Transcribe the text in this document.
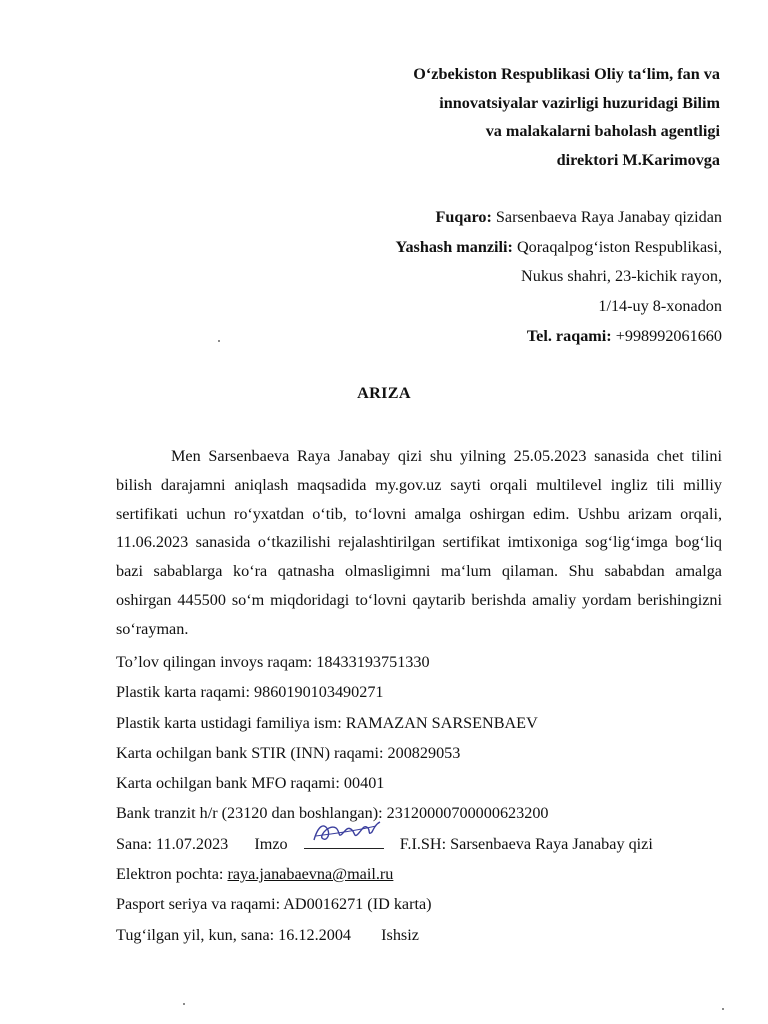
O‘zbekiston Respublikasi Oliy ta‘lim, fan va
innovatsiyalar vazirligi huzuridagi Bilim
va malakalarni baholash agentligi
direktori M.Karimovga
Fuqaro: Sarsenbaeva Raya Janabay qizidan
Yashash manzili: Qoraqalpog‘iston Respublikasi,
Nukus shahri, 23-kichik rayon,
1/14-uy 8-xonadon
Tel. raqami: +998992061660
ARIZA
Men Sarsenbaeva Raya Janabay qizi shu yilning 25.05.2023 sanasida chet tilini bilish darajamni aniqlash maqsadida my.gov.uz sayti orqali multilevel ingliz tili milliy sertifikati uchun ro‘yxatdan o‘tib, to‘lovni amalga oshirgan edim. Ushbu arizam orqali, 11.06.2023 sanasida o‘tkazilishi rejalashtirilgan sertifikat imtixoniga sog‘lig‘imga bog‘liq bazi sabablarga ko‘ra qatnasha olmasligimni ma‘lum qilaman. Shu sababdan amalga oshirgan 445500 so‘m miqdoridagi to‘lovni qaytarib berishda amaliy yordam berishingizni so‘rayman.
To’lov qilingan invoys raqam: 18433193751330
Plastik karta raqami: 9860190103490271
Plastik karta ustidagi familiya ism: RAMAZAN SARSENBAEV
Karta ochilgan bank STIR (INN) raqami: 200829053
Karta ochilgan bank MFO raqami: 00401
Bank tranzit h/r (23120 dan boshlangan): 23120000700000623200
Sana: 11.07.2023 Imzo	F.I.SH: Sarsenbaeva Raya Janabay qizi
Elektron pochta: raya.janabaevna@mail.ru
Pasport seriya va raqami: AD0016271 (ID karta)
Tug‘ilgan yil, kun, sana: 16.12.2004 Ishsiz
